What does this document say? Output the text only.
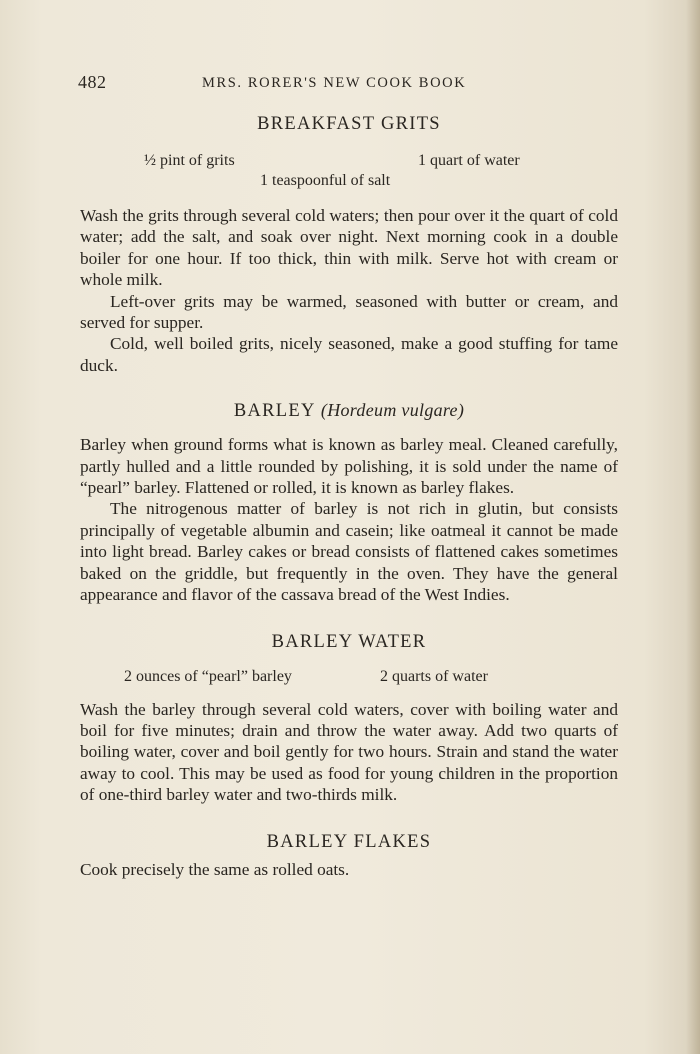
482	MRS. RORER'S NEW COOK BOOK
BREAKFAST GRITS
½ pint of grits	1 quart of water
1 teaspoonful of salt

Wash the grits through several cold waters; then pour over it the quart of cold water; add the salt, and soak over night. Next morning cook in a double boiler for one hour. If too thick, thin with milk. Serve hot with cream or whole milk.

Left-over grits may be warmed, seasoned with butter or cream, and served for supper.

Cold, well boiled grits, nicely seasoned, make a good stuffing for tame duck.

BARLEY (Hordeum vulgare)

Barley when ground forms what is known as barley meal. Cleaned carefully, partly hulled and a little rounded by polishing, it is sold under the name of “pearl” barley. Flattened or rolled, it is known as barley flakes.

The nitrogenous matter of barley is not rich in glutin, but consists principally of vegetable albumin and casein; like oatmeal it cannot be made into light bread. Barley cakes or bread consists of flattened cakes sometimes baked on the griddle, but frequently in the oven. They have the general appearance and flavor of the cassava bread of the West Indies.

BARLEY WATER
2 ounces of “pearl” barley	2 quarts of water

Wash the barley through several cold waters, cover with boiling water and boil for five minutes; drain and throw the water away. Add two quarts of boiling water, cover and boil gently for two hours. Strain and stand the water away to cool. This may be used as food for young children in the proportion of one-third barley water and two-thirds milk.

BARLEY FLAKES

Cook precisely the same as rolled oats.
